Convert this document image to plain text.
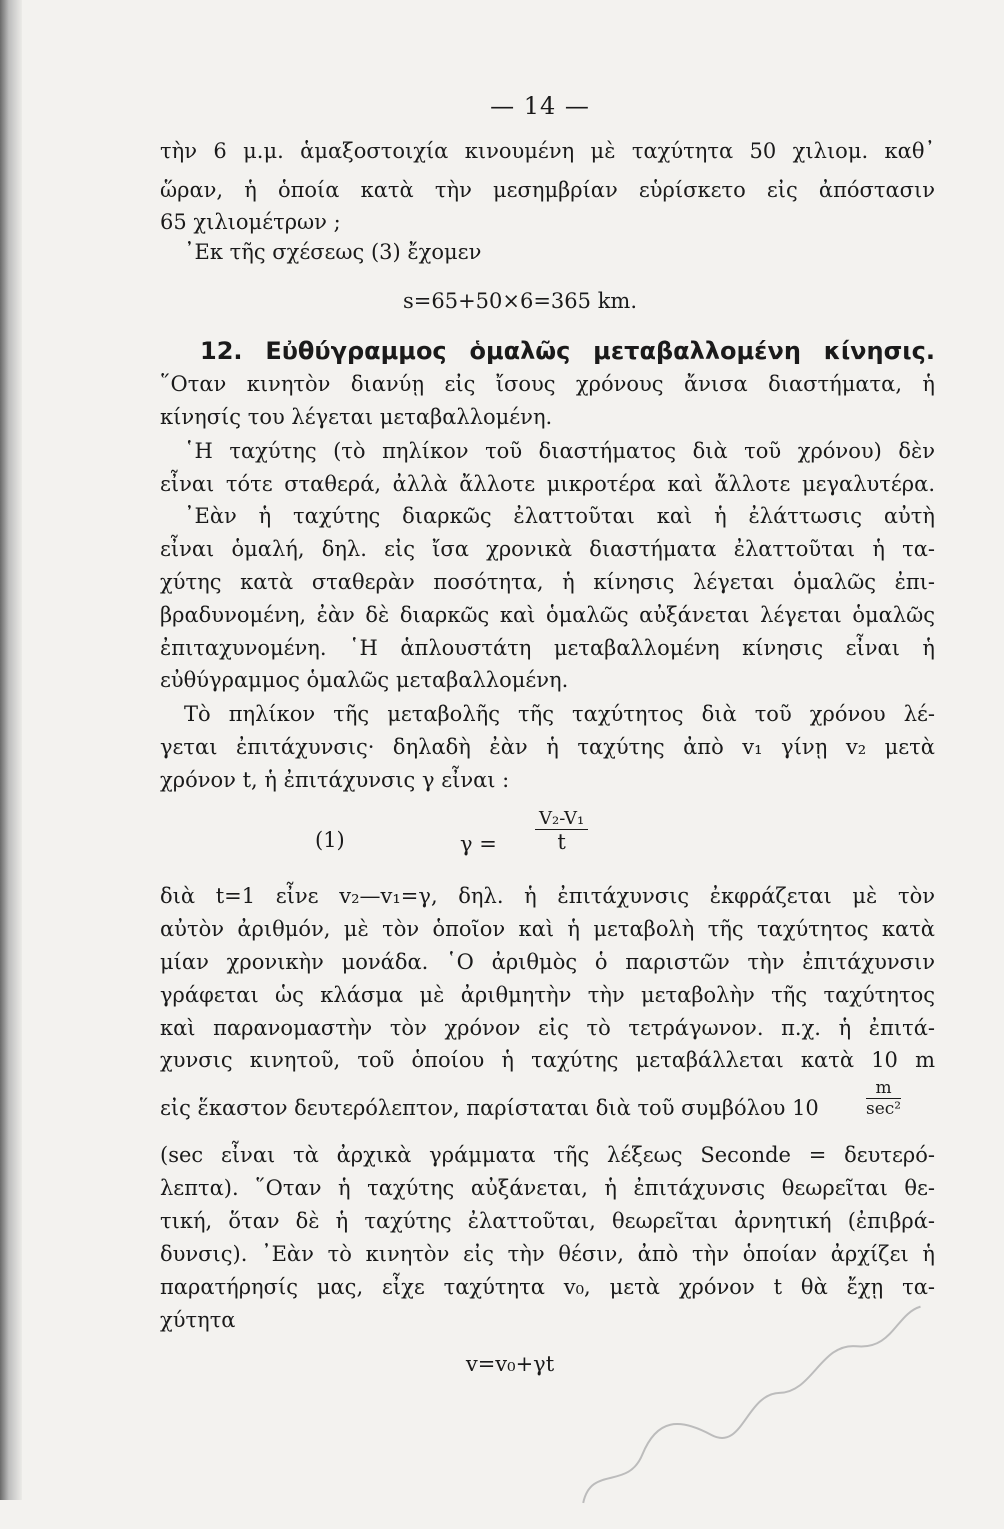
— 14 —
τὴν 6 μ.μ. ἁμαξοστοιχία κινουμένη μὲ ταχύτητα 50 χιλιομ. καθ᾽
ὥραν, ἡ ὁποία κατὰ τὴν μεσημβρίαν εὑρίσκετο εἰς ἀπόστασιν
65 χιλιομέτρων ;
᾿Εκ τῆς σχέσεως (3) ἔχομεν
s=65+50×6=365 km.
12. Εὐθύγραμμος ὁμαλῶς μεταβαλλομένη κίνησις.
῞Οταν κινητὸν διανύῃ εἰς ἴσους χρόνους ἄνισα διαστήματα, ἡ
κίνησίς του λέγεται μεταβαλλομένη.
῾Η ταχύτης (τὸ πηλίκον τοῦ διαστήματος διὰ τοῦ χρόνου) δὲν
εἶναι τότε σταθερά, ἀλλὰ ἄλλοτε μικροτέρα καὶ ἄλλοτε μεγαλυτέρα.
᾿Εὰν ἡ ταχύτης διαρκῶς ἐλαττοῦται καὶ ἡ ἐλάττωσις αὐτὴ
εἶναι ὁμαλή, δηλ. εἰς ἴσα χρονικὰ διαστήματα ἐλαττοῦται ἡ τα-
χύτης κατὰ σταθερὰν ποσότητα, ἡ κίνησις λέγεται ὁμαλῶς ἐπι-
βραδυνομένη, ἐὰν δὲ διαρκῶς καὶ ὁμαλῶς αὐξάνεται λέγεται ὁμαλῶς
ἐπιταχυνομένη. ῾Η ἁπλουστάτη μεταβαλλομένη κίνησις εἶναι ἡ
εὐθύγραμμος ὁμαλῶς μεταβαλλομένη.
Τὸ πηλίκον τῆς μεταβολῆς τῆς ταχύτητος διὰ τοῦ χρόνου λέ-
γεται ἐπιτάχυνσις· δηλαδὴ ἐὰν ἡ ταχύτης ἀπὸ v₁ γίνῃ v₂ μετὰ
χρόνον t, ἡ ἐπιτάχυνσις γ εἶναι :
(1)	$\gamma = \frac{\text{V₂-V₁}}{t}$
διὰ t=1 εἶνε v₂—v₁=γ, δηλ. ἡ ἐπιτάχυνσις ἐκφράζεται μὲ τὸν
αὐτὸν ἀριθμόν, μὲ τὸν ὁποῖον καὶ ἡ μεταβολὴ τῆς ταχύτητος κατὰ
μίαν χρονικὴν μονάδα. ῾Ο ἀριθμὸς ὁ παριστῶν τὴν ἐπιτάχυνσιν
γράφεται ὡς κλάσμα μὲ ἀριθμητὴν τὴν μεταβολὴν τῆς ταχύτητος
καὶ παρανομαστὴν τὸν χρόνον εἰς τὸ τετράγωνον. π.χ. ἡ ἐπιτά-
χυνσις κινητοῦ, τοῦ ὁποίου ἡ ταχύτης μεταβάλλεται κατὰ 10 m
εἰς ἕκαστον δευτερόλεπτον, παρίσταται διὰ τοῦ συμβόλου 10
m
sec²
(sec εἶναι τὰ ἀρχικὰ γράμματα τῆς λέξεως Seconde = δευτερό-
λεπτα). ῞Οταν ἡ ταχύτης αὐξάνεται, ἡ ἐπιτάχυνσις θεωρεῖται θε-
τική, ὅταν δὲ ἡ ταχύτης ἐλαττοῦται, θεωρεῖται ἀρνητική (ἐπιβρά-
δυνσις). ᾿Εὰν τὸ κινητὸν εἰς τὴν θέσιν, ἀπὸ τὴν ὁποίαν ἀρχίζει ἡ
παρατήρησίς μας, εἶχε ταχύτητα v₀, μετὰ χρόνον t θὰ ἔχῃ τα-
χύτητα
v=v₀+γt
